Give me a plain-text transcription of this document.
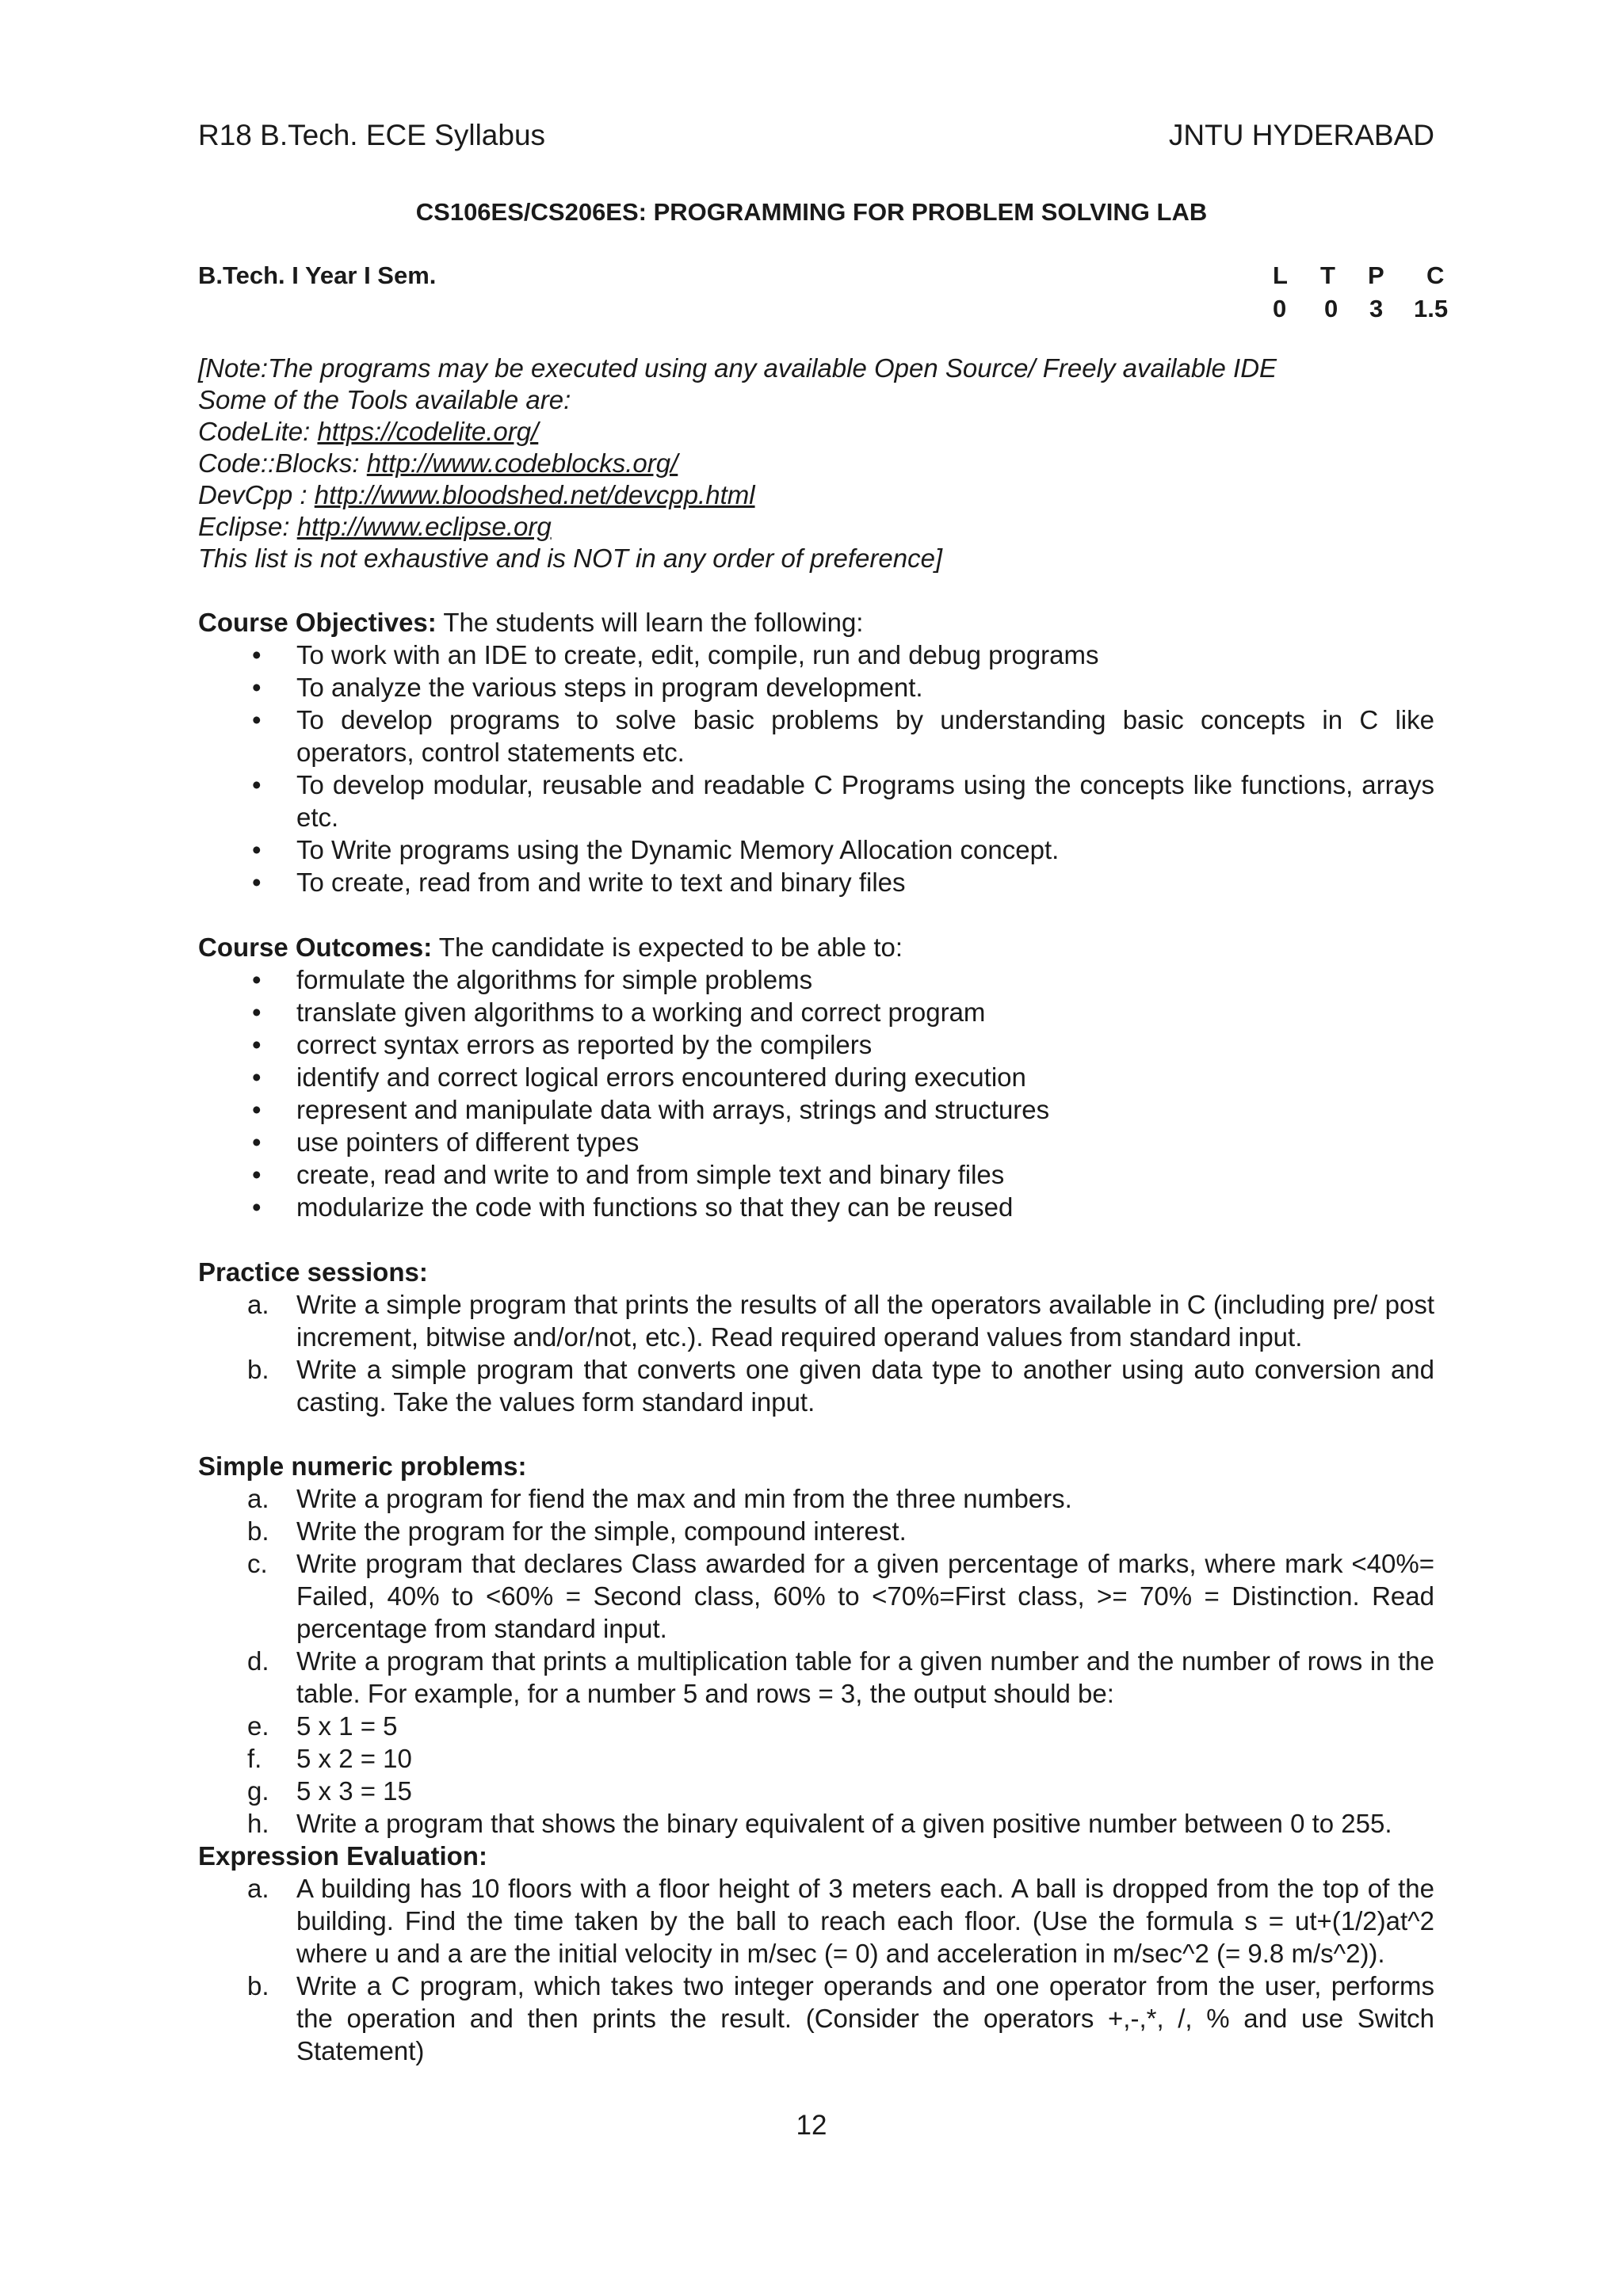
R18 B.Tech. ECE Syllabus	JNTU HYDERABAD
CS106ES/CS206ES: PROGRAMMING FOR PROBLEM SOLVING LAB
B.Tech. I Year I Sem.	L T P C
0 0 3 1.5
[Note:The programs may be executed using any available Open Source/ Freely available IDE
Some of the Tools available are:
CodeLite: https://codelite.org/
Code::Blocks: http://www.codeblocks.org/
DevCpp : http://www.bloodshed.net/devcpp.html
Eclipse: http://www.eclipse.org
This list is not exhaustive and is NOT in any order of preference]
Course Objectives: The students will learn the following:
• To work with an IDE to create, edit, compile, run and debug programs
• To analyze the various steps in program development.
• To develop programs to solve basic problems by understanding basic concepts in C like operators, control statements etc.
• To develop modular, reusable and readable C Programs using the concepts like functions, arrays etc.
• To Write programs using the Dynamic Memory Allocation concept.
• To create, read from and write to text and binary files
Course Outcomes: The candidate is expected to be able to:
• formulate the algorithms for simple problems
• translate given algorithms to a working and correct program
• correct syntax errors as reported by the compilers
• identify and correct logical errors encountered during execution
• represent and manipulate data with arrays, strings and structures
• use pointers of different types
• create, read and write to and from simple text and binary files
• modularize the code with functions so that they can be reused
Practice sessions:
a. Write a simple program that prints the results of all the operators available in C (including pre/ post increment, bitwise and/or/not, etc.). Read required operand values from standard input.
b. Write a simple program that converts one given data type to another using auto conversion and casting. Take the values form standard input.
Simple numeric problems:
a. Write a program for fiend the max and min from the three numbers.
b. Write the program for the simple, compound interest.
c. Write program that declares Class awarded for a given percentage of marks, where mark <40%= Failed, 40% to <60% = Second class, 60% to <70%=First class, >= 70% = Distinction. Read percentage from standard input.
d. Write a program that prints a multiplication table for a given number and the number of rows in the table. For example, for a number 5 and rows = 3, the output should be:
e. 5 x 1 = 5
f. 5 x 2 = 10
g. 5 x 3 = 15
h. Write a program that shows the binary equivalent of a given positive number between 0 to 255.
Expression Evaluation:
a. A building has 10 floors with a floor height of 3 meters each. A ball is dropped from the top of the building. Find the time taken by the ball to reach each floor. (Use the formula s = ut+(1/2)at^2 where u and a are the initial velocity in m/sec (= 0) and acceleration in m/sec^2 (= 9.8 m/s^2)).
b. Write a C program, which takes two integer operands and one operator from the user, performs the operation and then prints the result. (Consider the operators +,-,*, /, % and use Switch Statement)
12
